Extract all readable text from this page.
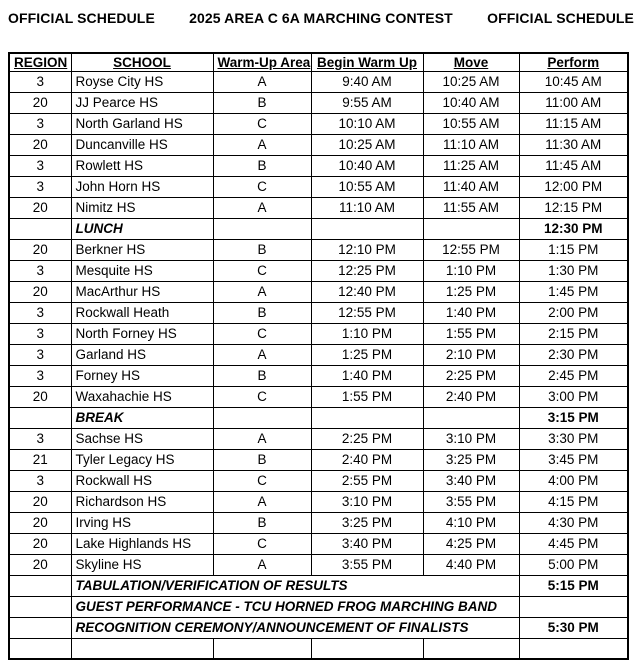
OFFICIAL SCHEDULE	2025 AREA C 6A MARCHING CONTEST	OFFICIAL SCHEDULE
REGION	SCHOOL	Warm-Up Area	Begin Warm Up	Move	Perform
3	Royse City HS	A	9:40 AM	10:25 AM	10:45 AM
20	JJ Pearce HS	B	9:55 AM	10:40 AM	11:00 AM
3	North Garland HS	C	10:10 AM	10:55 AM	11:15 AM
20	Duncanville HS	A	10:25 AM	11:10 AM	11:30 AM
3	Rowlett HS	B	10:40 AM	11:25 AM	11:45 AM
3	John Horn HS	C	10:55 AM	11:40 AM	12:00 PM
20	Nimitz HS	A	11:10 AM	11:55 AM	12:15 PM
	LUNCH				12:30 PM
20	Berkner HS	B	12:10 PM	12:55 PM	1:15 PM
3	Mesquite HS	C	12:25 PM	1:10 PM	1:30 PM
20	MacArthur HS	A	12:40 PM	1:25 PM	1:45 PM
3	Rockwall Heath	B	12:55 PM	1:40 PM	2:00 PM
3	North Forney HS	C	1:10 PM	1:55 PM	2:15 PM
3	Garland HS	A	1:25 PM	2:10 PM	2:30 PM
3	Forney HS	B	1:40 PM	2:25 PM	2:45 PM
20	Waxahachie HS	C	1:55 PM	2:40 PM	3:00 PM
	BREAK				3:15 PM
3	Sachse HS	A	2:25 PM	3:10 PM	3:30 PM
21	Tyler Legacy HS	B	2:40 PM	3:25 PM	3:45 PM
3	Rockwall HS	C	2:55 PM	3:40 PM	4:00 PM
20	Richardson HS	A	3:10 PM	3:55 PM	4:15 PM
20	Irving HS	B	3:25 PM	4:10 PM	4:30 PM
20	Lake Highlands HS	C	3:40 PM	4:25 PM	4:45 PM
20	Skyline HS	A	3:55 PM	4:40 PM	5:00 PM
	TABULATION/VERIFICATION OF RESULTS				5:15 PM
	GUEST PERFORMANCE - TCU HORNED FROG MARCHING BAND				
	RECOGNITION CEREMONY/ANNOUNCEMENT OF FINALISTS				5:30 PM
